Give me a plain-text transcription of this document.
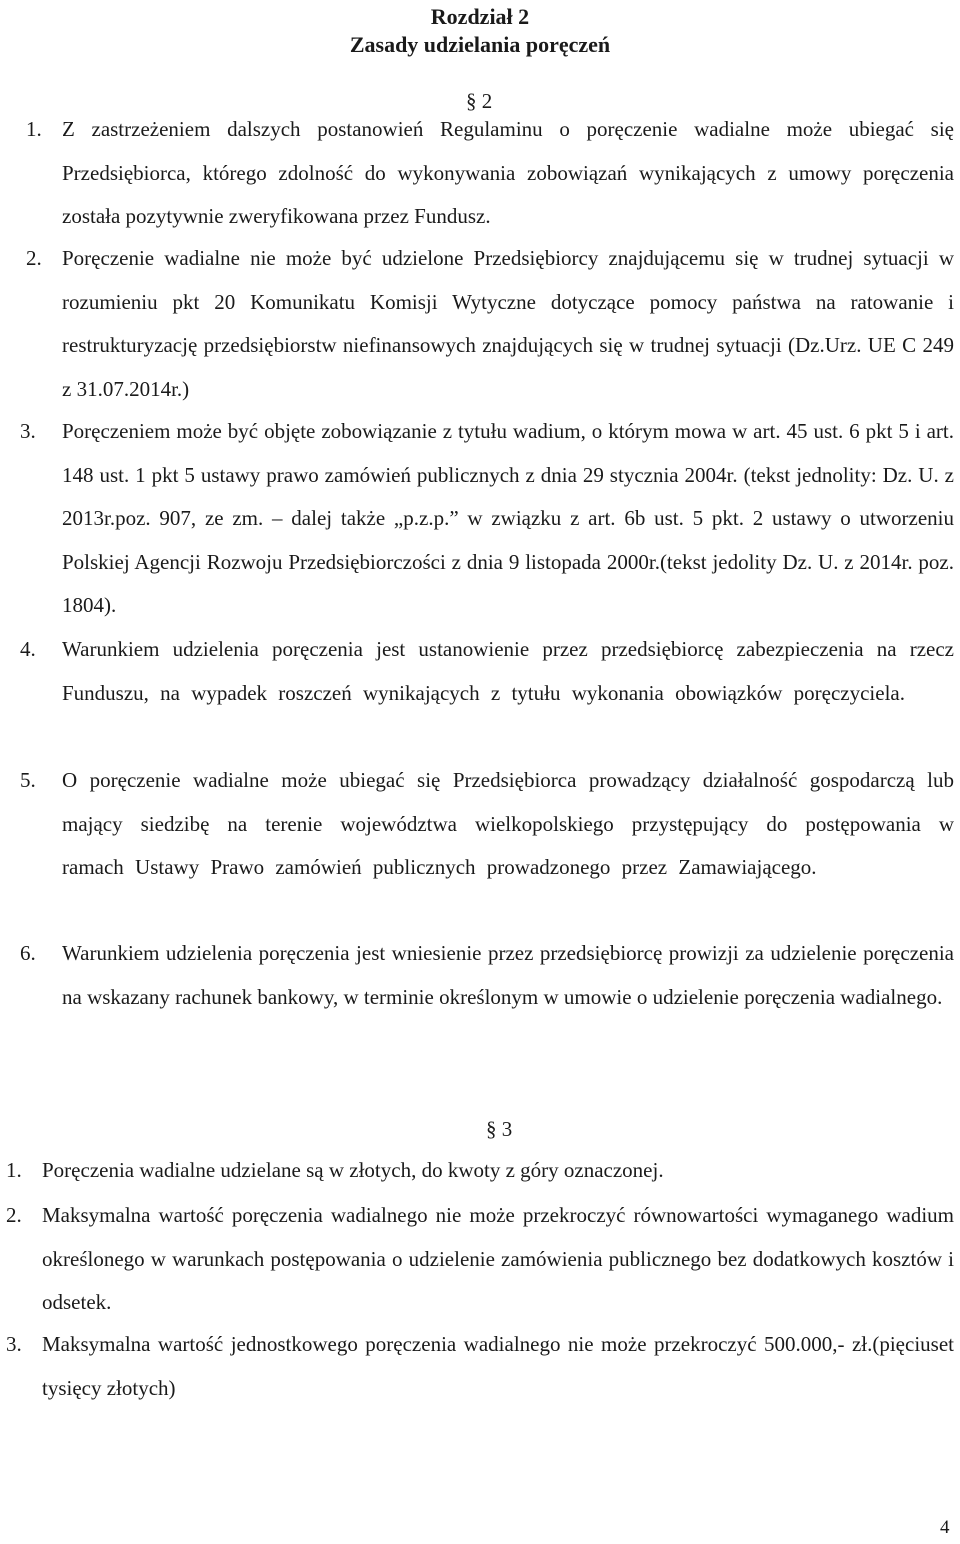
Rozdział 2
Zasady udzielania poręczeń
§ 2
1. Z zastrzeżeniem dalszych postanowień Regulaminu o poręczenie wadialne może ubiegać się Przedsiębiorca, którego zdolność do wykonywania zobowiązań wynikających z umowy poręczenia została pozytywnie zweryfikowana przez Fundusz.
2. Poręczenie wadialne nie może być udzielone Przedsiębiorcy znajdującemu się w trudnej sytuacji w rozumieniu pkt 20 Komunikatu Komisji Wytyczne dotyczące pomocy państwa na ratowanie i restrukturyzację przedsiębiorstw niefinansowych znajdujących się w trudnej sytuacji (Dz.Urz. UE C 249 z 31.07.2014r.)
3. Poręczeniem może być objęte zobowiązanie z tytułu wadium, o którym mowa w art. 45 ust. 6 pkt 5 i art. 148 ust. 1 pkt 5 ustawy prawo zamówień publicznych z dnia 29 stycznia 2004r. (tekst jednolity: Dz. U. z 2013r.poz. 907, ze zm. – dalej także „p.z.p.” w związku z art. 6b ust. 5 pkt. 2 ustawy o utworzeniu Polskiej Agencji Rozwoju Przedsiębiorczości z dnia 9 listopada 2000r.(tekst jedolity Dz. U. z 2014r. poz. 1804).
4. Warunkiem udzielenia poręczenia jest ustanowienie przez przedsiębiorcę zabezpieczenia na rzecz Funduszu, na wypadek roszczeń wynikających z tytułu wykonania obowiązków poręczyciela.
5. O poręczenie wadialne może ubiegać się Przedsiębiorca prowadzący działalność gospodarczą lub mający siedzibę na terenie województwa wielkopolskiego przystępujący do postępowania w ramach Ustawy Prawo zamówień publicznych prowadzonego przez Zamawiającego.
6. Warunkiem udzielenia poręczenia jest wniesienie przez przedsiębiorcę prowizji za udzielenie poręczenia na wskazany rachunek bankowy, w terminie określonym w umowie o udzielenie poręczenia wadialnego.
§ 3
1. Poręczenia wadialne udzielane są w złotych, do kwoty z góry oznaczonej.
2. Maksymalna wartość poręczenia wadialnego nie może przekroczyć równowartości wymaganego wadium określonego w warunkach postępowania o udzielenie zamówienia publicznego bez dodatkowych kosztów i odsetek.
3. Maksymalna wartość jednostkowego poręczenia wadialnego nie może przekroczyć 500.000,- zł.(pięciuset tysięcy złotych)
4
